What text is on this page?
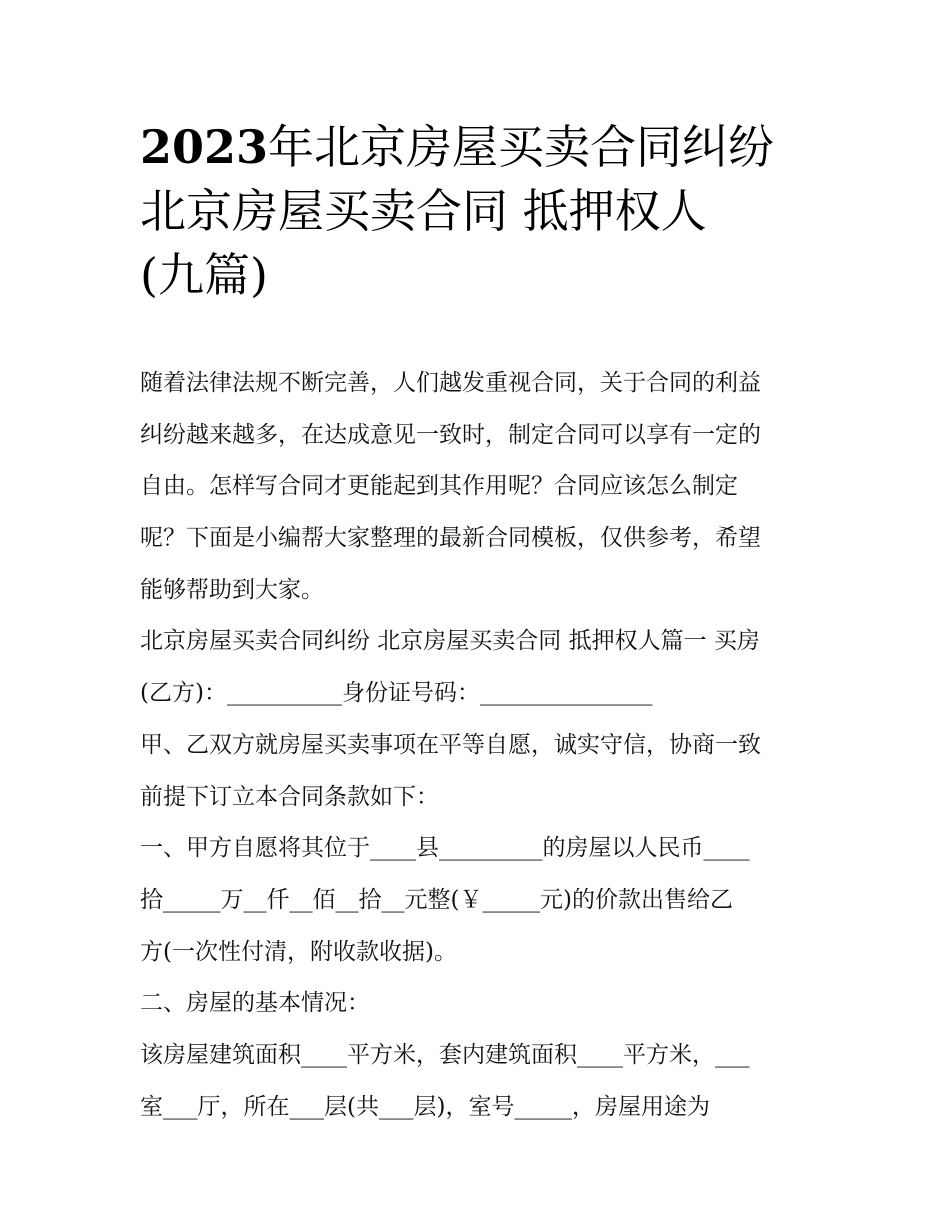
2023年北京房屋买卖合同纠纷
北京房屋买卖合同 抵押权人
(九篇)
随着法律法规不断完善，人们越发重视合同，关于合同的利益
纠纷越来越多，在达成意见一致时，制定合同可以享有一定的
自由。怎样写合同才更能起到其作用呢？合同应该怎么制定
呢？下面是小编帮大家整理的最新合同模板，仅供参考，希望
能够帮助到大家。
北京房屋买卖合同纠纷 北京房屋买卖合同 抵押权人篇一 买房
(乙方)：__________身份证号码：_______________
甲、乙双方就房屋买卖事项在平等自愿，诚实守信，协商一致
前提下订立本合同条款如下：
一、甲方自愿将其位于____县_________的房屋以人民币____
拾_____万__仟__佰__拾__元整(￥_____元)的价款出售给乙
方(一次性付清，附收款收据)。
二、房屋的基本情况：
该房屋建筑面积____平方米，套内建筑面积____平方米，___
室___厅，所在___层(共___层)，室号_____，房屋用途为
